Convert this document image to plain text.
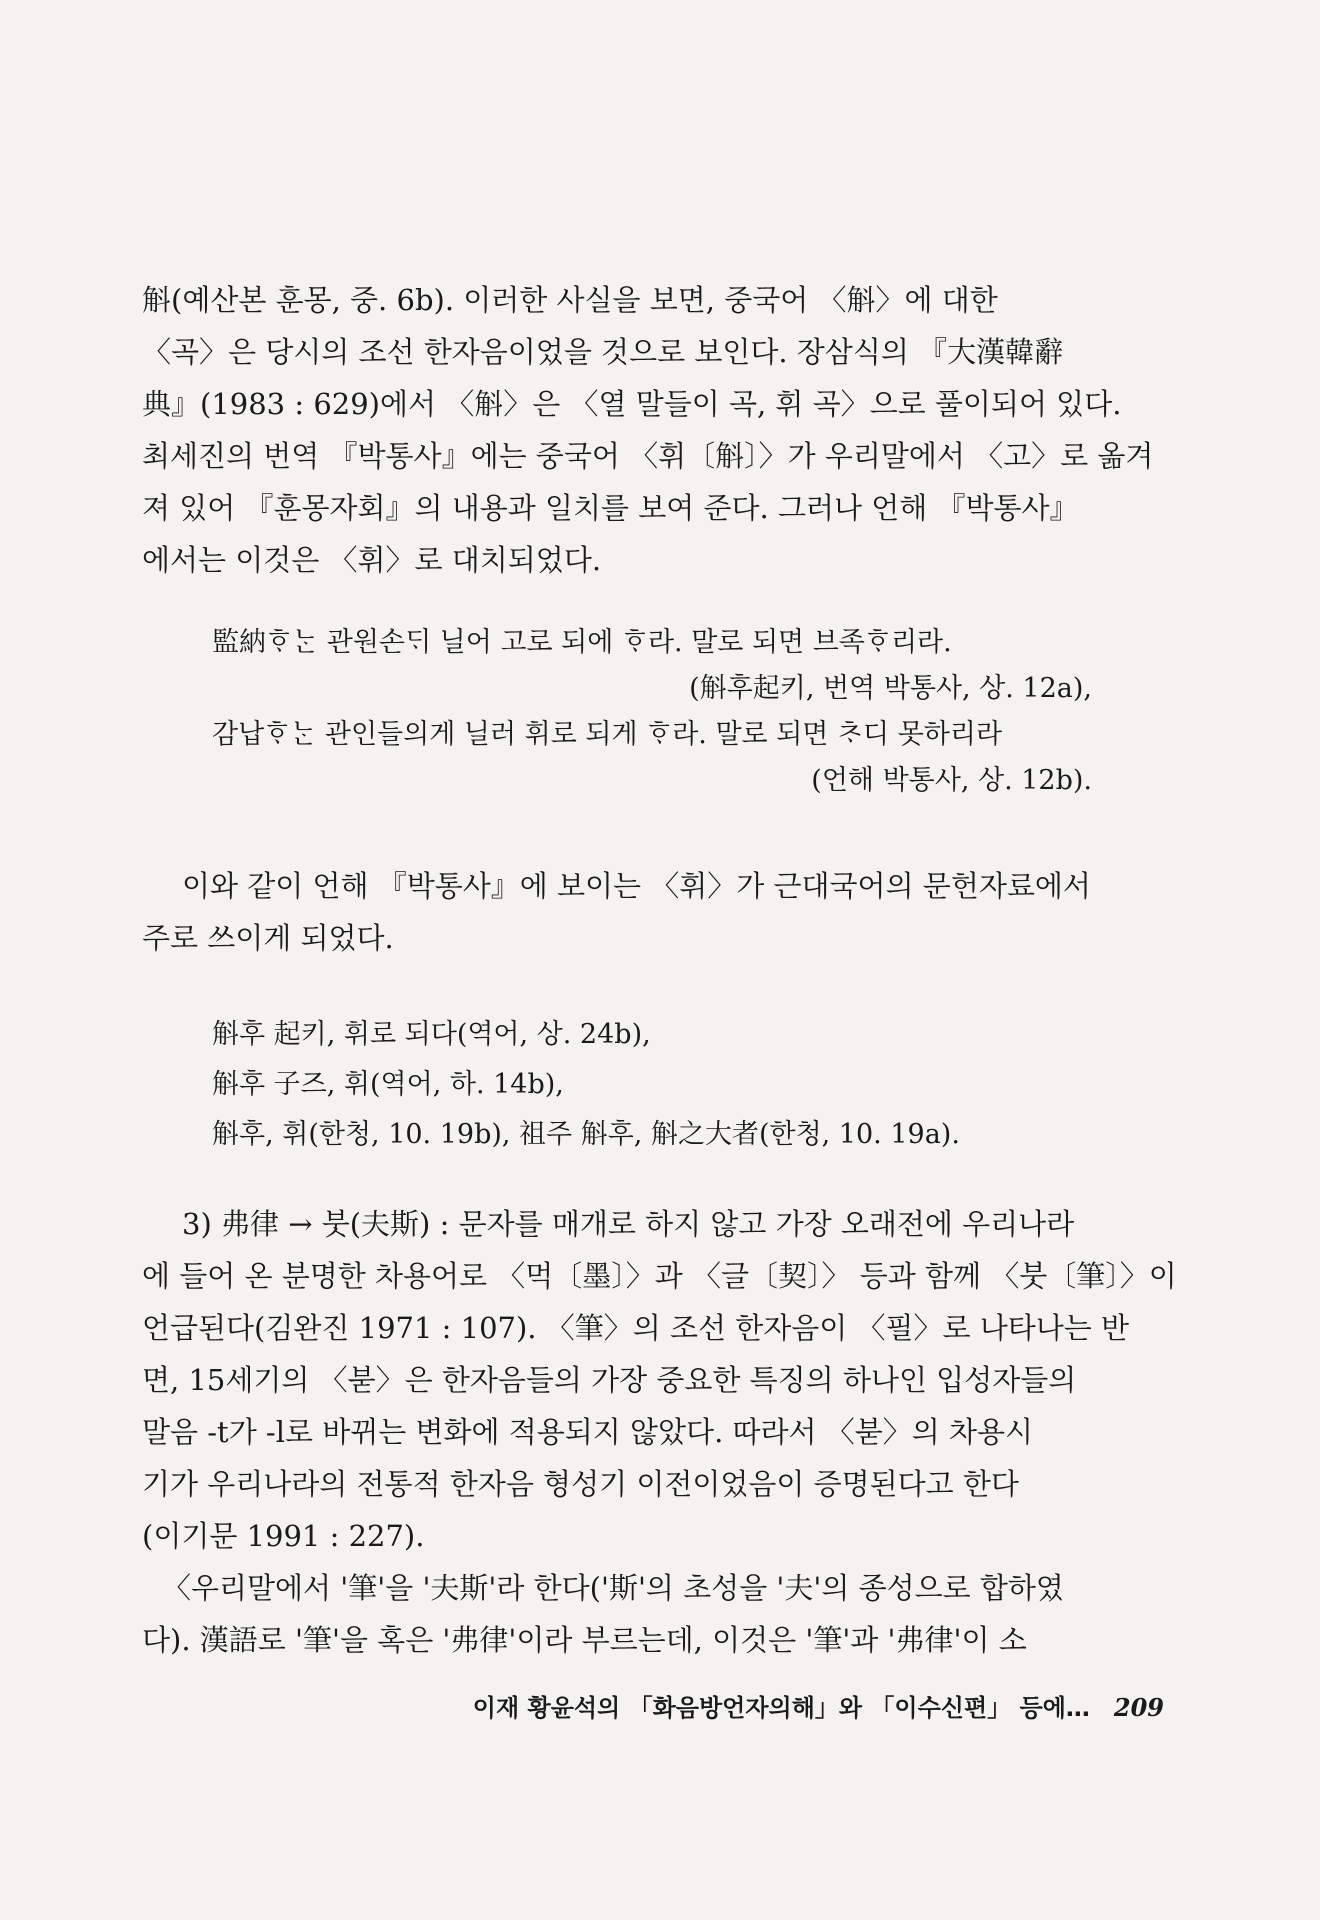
斛(예산본 훈몽, 중. 6b). 이러한 사실을 보면, 중국어 〈斛〉에 대한
〈곡〉은 당시의 조선 한자음이었을 것으로 보인다. 장삼식의 『大漢韓辭
典』(1983 : 629)에서 〈斛〉은 〈열 말들이 곡, 휘 곡〉으로 풀이되어 있다.
최세진의 번역 『박통사』에는 중국어 〈휘〔斛〕〉가 우리말에서 〈고〉로 옮겨
져 있어 『훈몽자회』의 내용과 일치를 보여 준다. 그러나 언해 『박통사』
에서는 이것은 〈휘〉로 대치되었다.
監納ᄒᆞᄂᆞᆫ 관원손ᄃᆡ 닐어 고로 되에 ᄒᆞ라. 말로 되면 브족ᄒᆞ리라.
(斛후起키, 번역 박통사, 상. 12a),
감납ᄒᆞᄂᆞᆫ 관인들의게 닐러 휘로 되게 ᄒᆞ라. 말로 되면 ᄎᆞ디 못하리라
(언해 박통사, 상. 12b).
이와 같이 언해 『박통사』에 보이는 〈휘〉가 근대국어의 문헌자료에서
주로 쓰이게 되었다.
斛후 起키, 휘로 되다(역어, 상. 24b),
斛후 子즈, 휘(역어, 하. 14b),
斛후, 휘(한청, 10. 19b), 祖주 斛후, 斛之大者(한청, 10. 19a).
3) 弗律 → 붓(夫斯) : 문자를 매개로 하지 않고 가장 오래전에 우리나라
에 들어 온 분명한 차용어로 〈먹〔墨〕〉과 〈글〔契〕〉 등과 함께 〈붓〔筆〕〉이
언급된다(김완진 1971 : 107). 〈筆〉의 조선 한자음이 〈필〉로 나타나는 반
면, 15세기의 〈붇〉은 한자음들의 가장 중요한 특징의 하나인 입성자들의
말음 -t가 -l로 바뀌는 변화에 적용되지 않았다. 따라서 〈붇〉의 차용시
기가 우리나라의 전통적 한자음 형성기 이전이었음이 증명된다고 한다
(이기문 1991 : 227).
〈우리말에서 '筆'을 '夫斯'라 한다('斯'의 초성을 '夫'의 종성으로 합하였
다). 漢語로 '筆'을 혹은 '弗律'이라 부르는데, 이것은 '筆'과 '弗律'이 소
이재 황윤석의 「화음방언자의해」와 「이수신편」 등에… 209
